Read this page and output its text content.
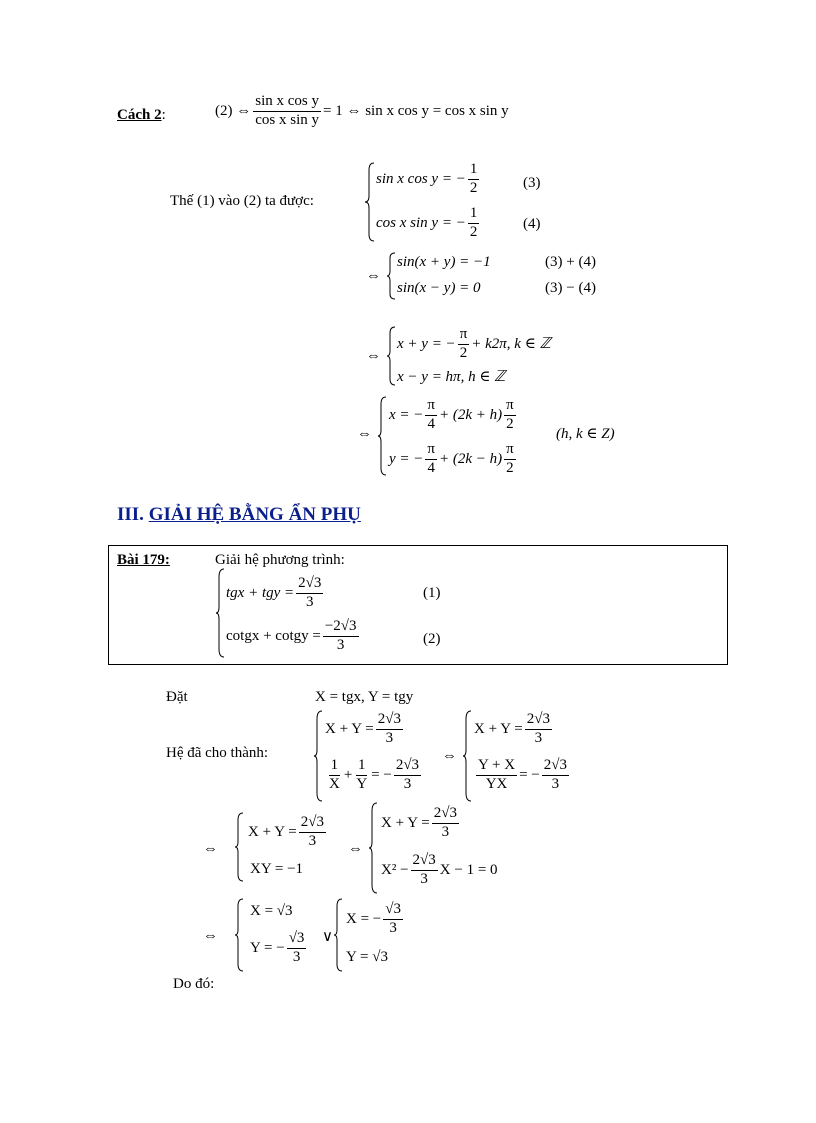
Cách 2:	(2) ⇔ $\frac{\text{sin x cos y}}{\text{cos x sin y}} = 1$ ⇔ sin x cos y = cos x sin y
Thế (1) vào (2) ta được:
sin x cos y = − $\frac{1}{2}$	(3)
cos x sin y = − $\frac{1}{2}$	(4)
⇔
sin(x + y) = −1	(3) + (4)
sin(x − y) = 0	(3) − (4)
⇔
x + y = − $\frac{\pi}{2} + k2\pi$, k ∈ ℤ
x − y = hπ, h ∈ ℤ
⇔
x = − $\frac{\pi}{4} + (2k + h) \frac{\pi}{2}$
y = − $\frac{\pi}{4} + (2k - h) \frac{\pi}{2}$
(h, k ∈ Z)
III. GIẢI HỆ BẰNG ẨN PHỤ
Bài 179:	Giải hệ phương trình:
tgx + tgy = $\frac{2√3}{3}$	(1)
cotgx + cotgy = $\frac{-2√3}{3}$	(2)
Đặt	X = tgx, Y = tgy
Hệ đã cho thành:
$X + Y = \frac{2√3}{3}$
$\frac{1}{X} + \frac{1}{Y}$ = − $\frac{2√3}{3}$
⇔
$X + Y = \frac{2√3}{3}$
$\frac{Y + X}{YX}$ = − $\frac{2√3}{3}$
⇔
$X + Y = \frac{2√3}{3}$
XY = −1
⇔
$X + Y = \frac{2√3}{3}$
$X^2 - \frac{2√3}{3}$ X − 1 = 0
⇔
X = √3
Y = − $\frac{√3}{3}$ ∨
X = − $\frac{√3}{3}$
Y = √3
Do đó:
